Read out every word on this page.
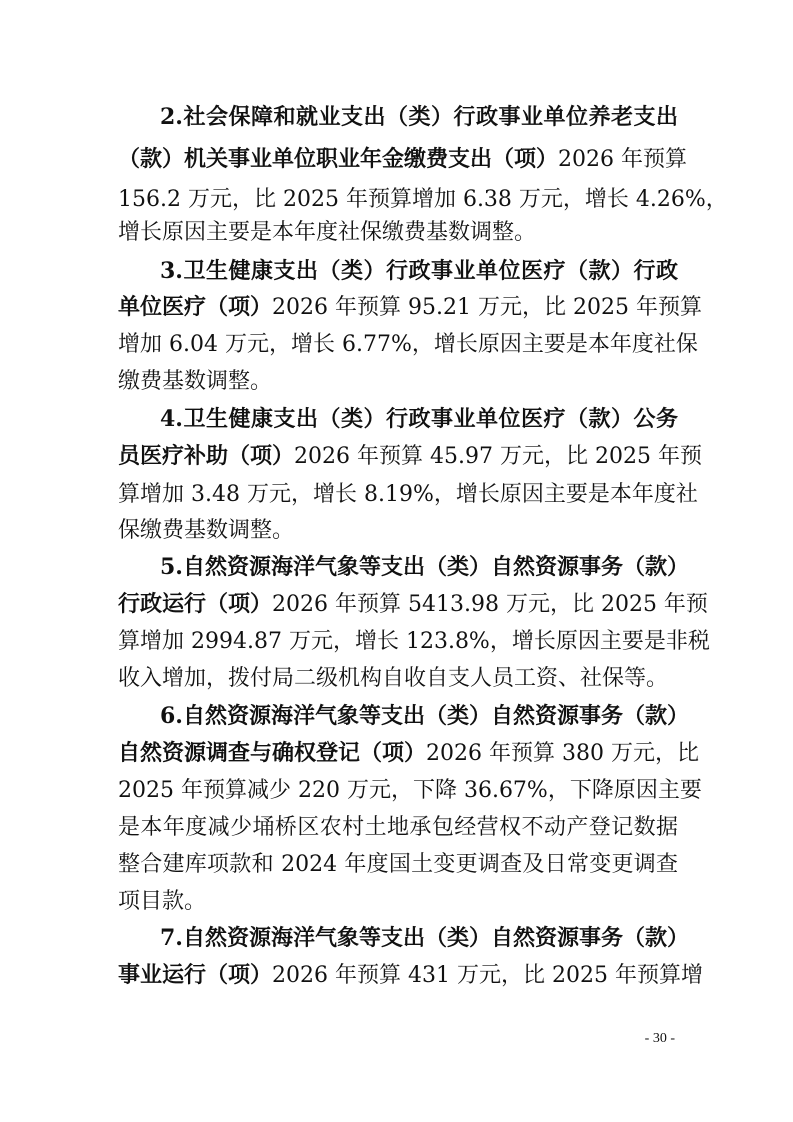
2.社会保障和就业支出（类）行政事业单位养老支出
（款）机关事业单位职业年金缴费支出（项）2026 年预算
156.2 万元，比 2025 年预算增加 6.38 万元，增长 4.26%，
增长原因主要是本年度社保缴费基数调整。
3.卫生健康支出（类）行政事业单位医疗（款）行政
单位医疗（项）2026 年预算 95.21 万元，比 2025 年预算
增加 6.04 万元，增长 6.77%，增长原因主要是本年度社保
缴费基数调整。
4.卫生健康支出（类）行政事业单位医疗（款）公务
员医疗补助（项）2026 年预算 45.97 万元，比 2025 年预
算增加 3.48 万元，增长 8.19%，增长原因主要是本年度社
保缴费基数调整。
5.自然资源海洋气象等支出（类）自然资源事务（款）
行政运行（项）2026 年预算 5413.98 万元，比 2025 年预
算增加 2994.87 万元，增长 123.8%，增长原因主要是非税
收入增加，拨付局二级机构自收自支人员工资、社保等。
6.自然资源海洋气象等支出（类）自然资源事务（款）
自然资源调查与确权登记（项）2026 年预算 380 万元，比
2025 年预算减少 220 万元，下降 36.67%，下降原因主要
是本年度减少埇桥区农村土地承包经营权不动产登记数据
整合建库项款和 2024 年度国土变更调查及日常变更调查
项目款。
7.自然资源海洋气象等支出（类）自然资源事务（款）
事业运行（项）2026 年预算 431 万元，比 2025 年预算增
- 30 -
